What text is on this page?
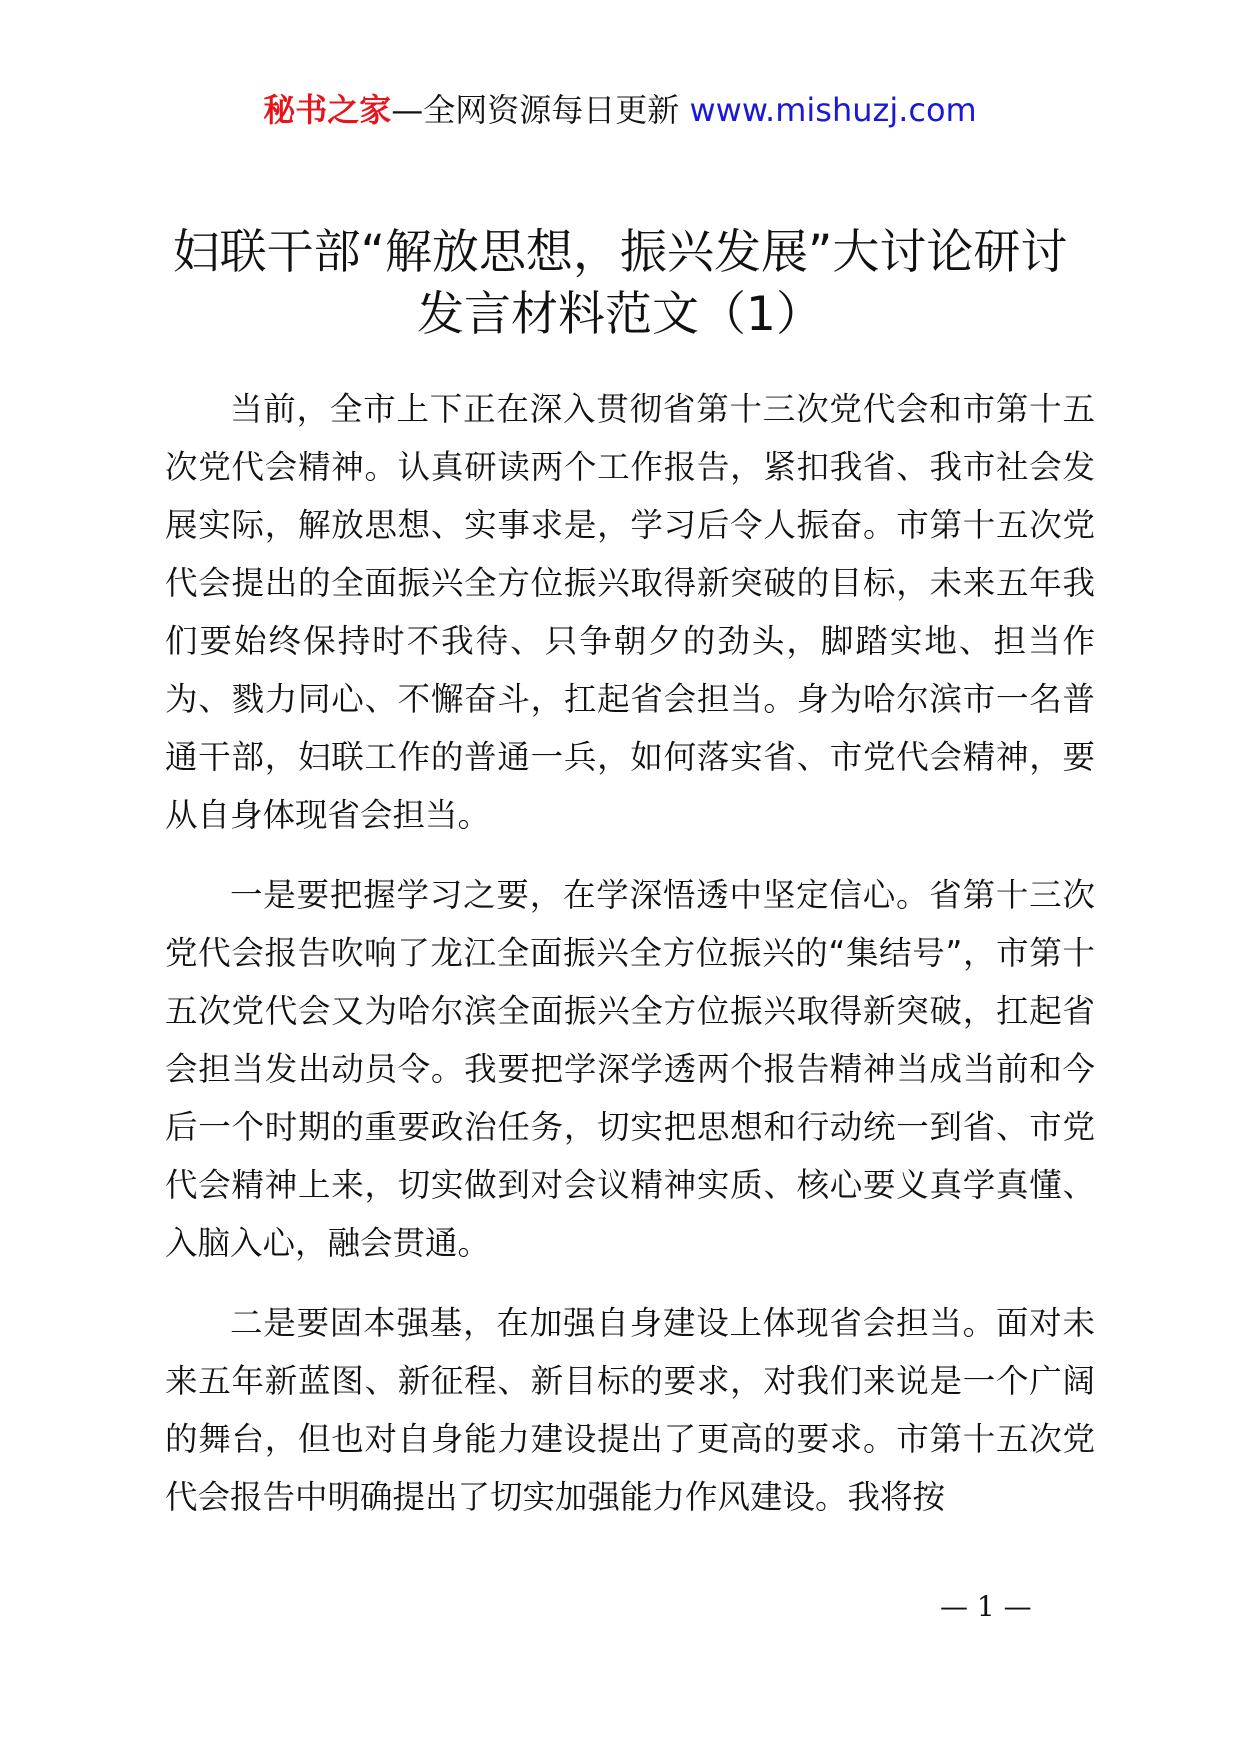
秘书之家—全网资源每日更新 www.mishuzj.com
妇联干部“解放思想，振兴发展”大讨论研讨
发言材料范文（1）

当前，全市上下正在深入贯彻省第十三次党代会和市第十五次党代会精神。认真研读两个工作报告，紧扣我省、我市社会发展实际，解放思想、实事求是，学习后令人振奋。市第十五次党代会提出的全面振兴全方位振兴取得新突破的目标，未来五年我们要始终保持时不我待、只争朝夕的劲头，脚踏实地、担当作为、戮力同心、不懈奋斗，扛起省会担当。身为哈尔滨市一名普通干部，妇联工作的普通一兵，如何落实省、市党代会精神，要从自身体现省会担当。

一是要把握学习之要，在学深悟透中坚定信心。省第十三次党代会报告吹响了龙江全面振兴全方位振兴的“集结号”，市第十五次党代会又为哈尔滨全面振兴全方位振兴取得新突破，扛起省会担当发出动员令。我要把学深学透两个报告精神当成当前和今后一个时期的重要政治任务，切实把思想和行动统一到省、市党代会精神上来，切实做到对会议精神实质、核心要义真学真懂、入脑入心，融会贯通。

二是要固本强基，在加强自身建设上体现省会担当。面对未来五年新蓝图、新征程、新目标的要求，对我们来说是一个广阔的舞台，但也对自身能力建设提出了更高的要求。市第十五次党代会报告中明确提出了切实加强能力作风建设。我将按

— 1 —
